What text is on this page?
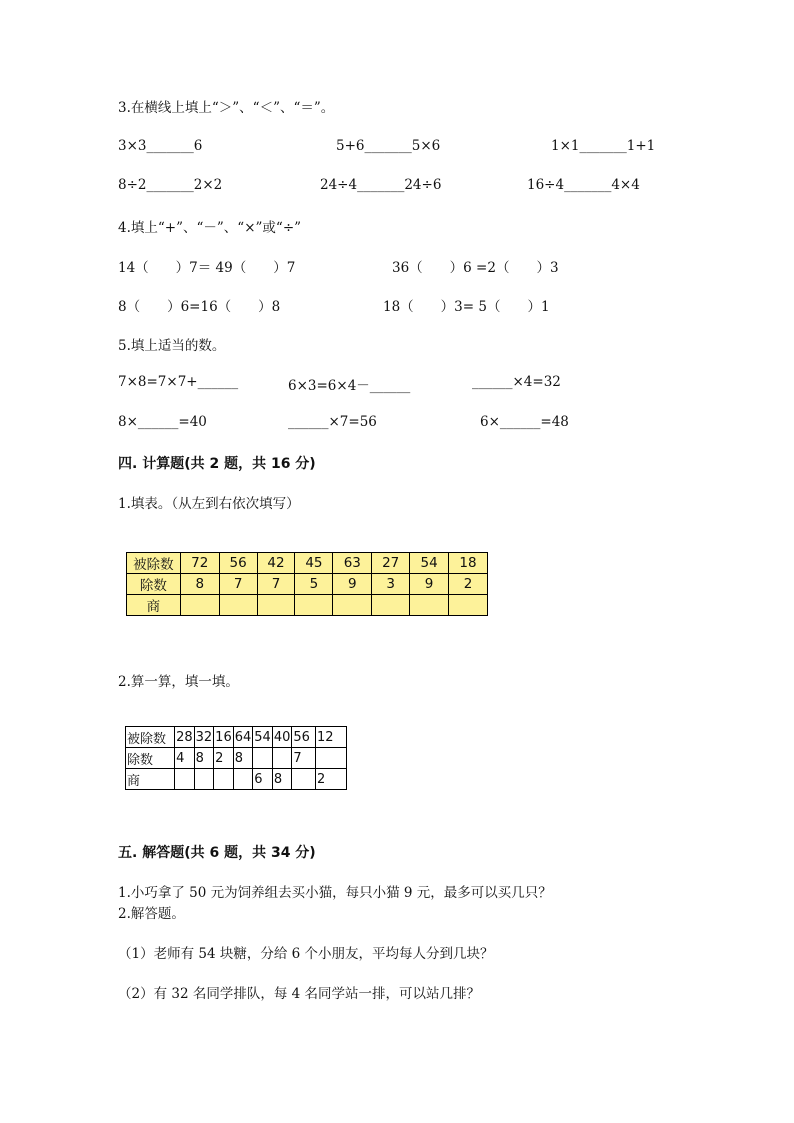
3.在横线上填上“＞”、“＜”、“＝”。
3×3_______6	5+6_______5×6	1×1_______1+1
8÷2_______2×2	24÷4_______24÷6	16÷4_______4×4
4.填上“+”、“－”、“×”或“÷”
14（　　）7＝ 49（　　）7	36（　　）6 =2（　　）3
8（　　）6=16（　　）8	18（　　）3= 5（　　）1
5.填上适当的数。
7×8=7×7+______	6×3=6×4－______	______×4=32
8×______=40	______×7=56	6×______=48
四. 计算题(共 2 题，共 16 分)
1.填表。（从左到右依次填写）
被除数	72	56	42	45	63	27	54	18
除数	8	7	7	5	9	3	9	2
商								
2.算一算，填一填。
被除数	28	32	16	64	54	40	56	12
除数	4	8	2	8			7	
商					6	8		2
五. 解答题(共 6 题，共 34 分)
1.小巧拿了 50 元为饲养组去买小猫，每只小猫 9 元，最多可以买几只？
2.解答题。
（1）老师有 54 块糖，分给 6 个小朋友，平均每人分到几块？
（2）有 32 名同学排队，每 4 名同学站一排，可以站几排？
